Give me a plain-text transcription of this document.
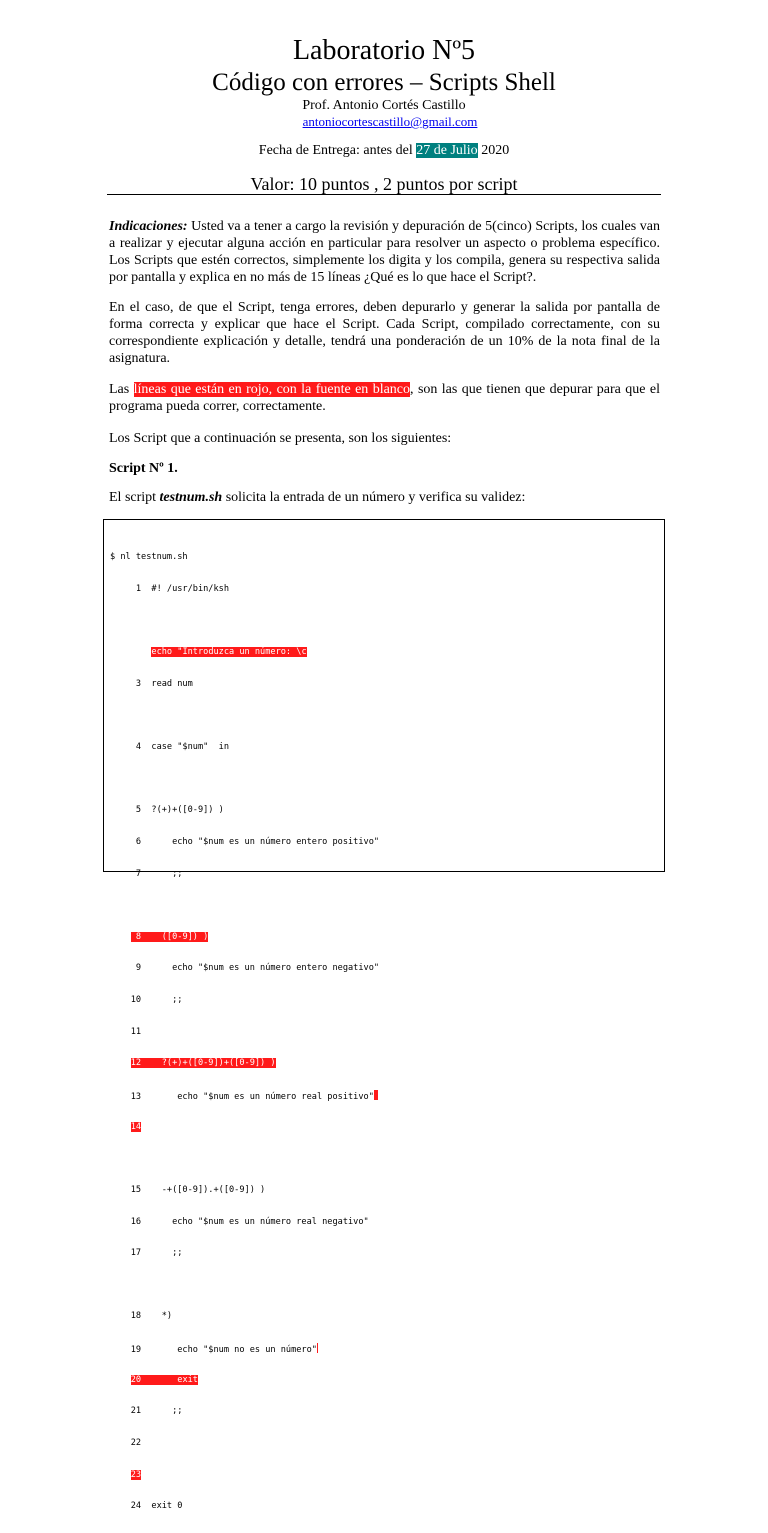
Laboratorio Nº5
Código con errores – Scripts Shell
Prof. Antonio Cortés Castillo
antoniocortescastillo@gmail.com
Fecha de Entrega: antes del 27 de Julio 2020
Valor: 10 puntos , 2 puntos por script
Indicaciones: Usted va a tener a cargo la revisión y depuración de 5(cinco) Scripts, los cuales van a realizar y ejecutar alguna acción en particular para resolver un aspecto o problema específico. Los Scripts que estén correctos, simplemente los digita y los compila, genera su respectiva salida por pantalla y explica en no más de 15 líneas ¿Qué es lo que hace el Script?.
En el caso, de que el Script, tenga errores, deben depurarlo y generar la salida por pantalla de forma correcta y explicar que hace el Script. Cada Script, compilado correctamente, con su correspondiente explicación y detalle, tendrá una ponderación de un 10% de la nota final de la asignatura.
Las líneas que están en rojo, con la fuente en blanco, son las que tienen que depurar para que el programa pueda correr, correctamente.
Los Script que a continuación se presenta, son los siguientes:
Script Nº 1.
El script testnum.sh solicita la entrada de un número y verifica su validez:

$ nl testnum.sh

1  #! /usr/bin/ksh

echo "Introduzca un número: \c

3  read num

4  case "$num"  in

5  ?(+)+([0-9]) )

6      echo "$num es un número entero positivo"

7      ;;

8    ([0-9]) )

9      echo "$num es un número entero negativo"

10      ;;

11

12    ?(+)+([0-9])+([0-9]) )

13       echo "$num es un número real positivo"

14

15    -+([0-9]).+([0-9]) )

16      echo "$num es un número real negativo"

17      ;;

18    *)

19       echo "$num no es un número"

20       exit

21      ;;

22

23

24  exit 0
